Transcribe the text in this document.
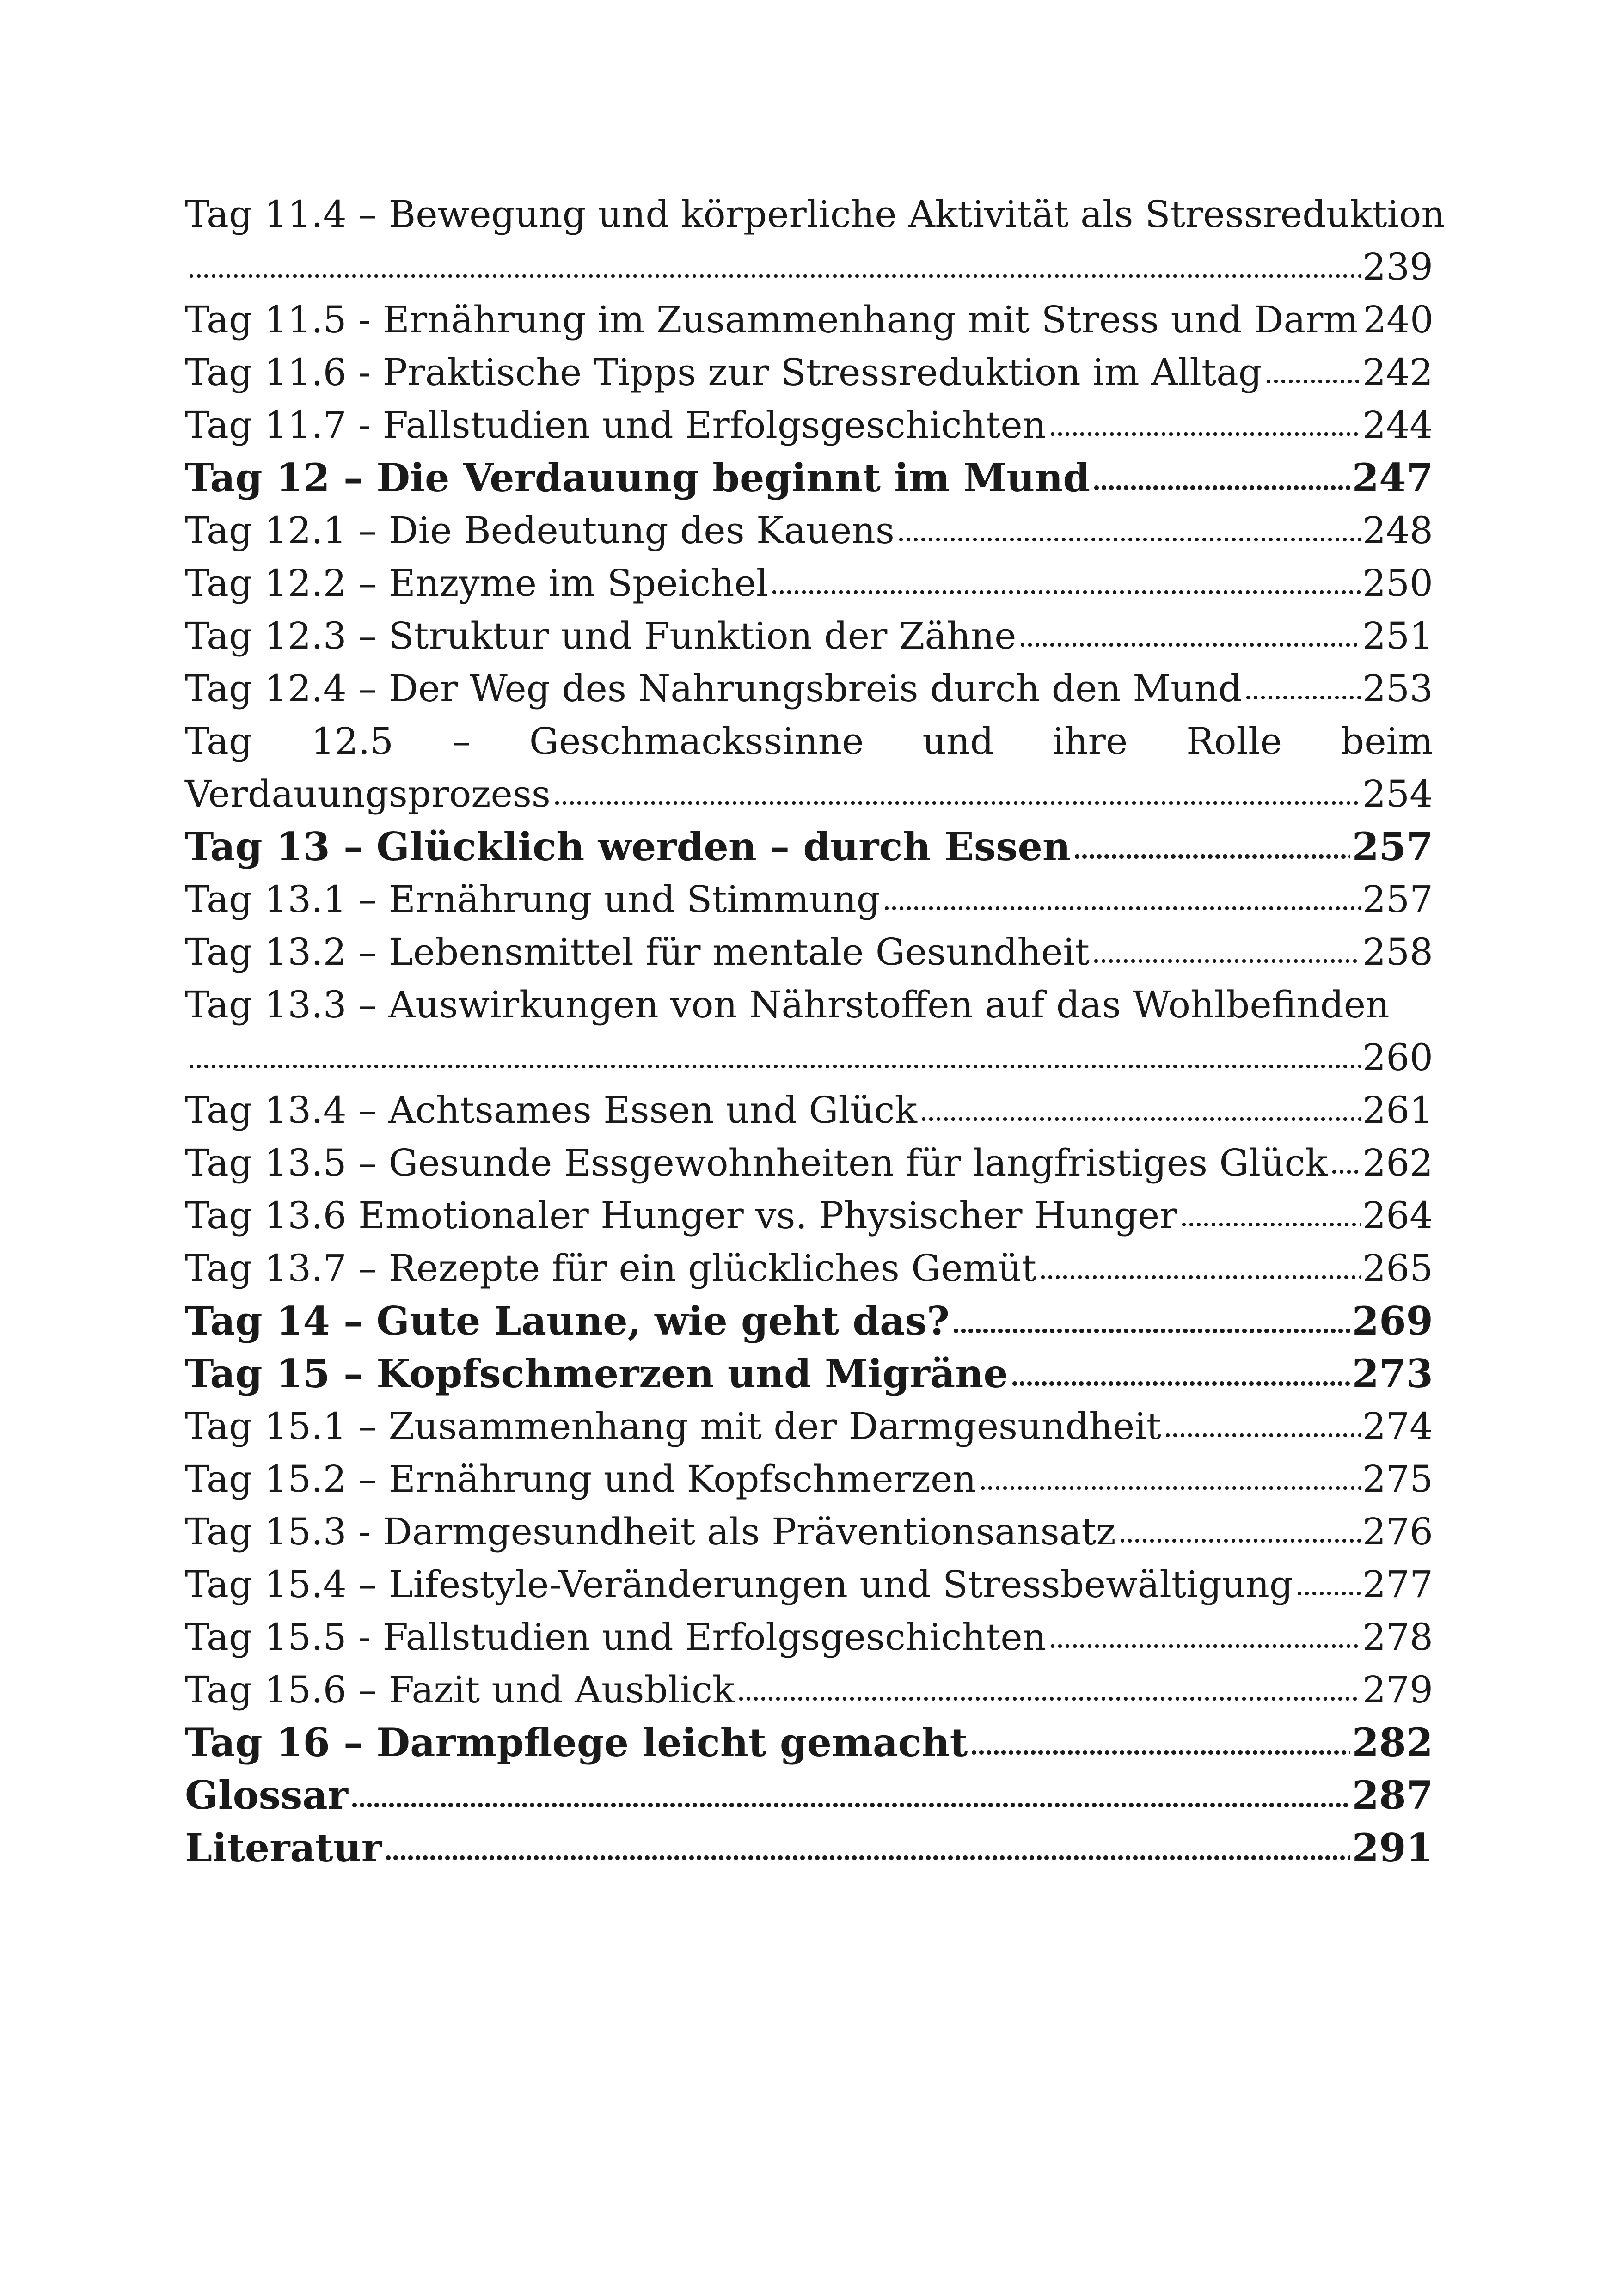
Tag 11.4 – Bewegung und körperliche Aktivität als Stressreduktion
239
Tag 11.5 - Ernährung im Zusammenhang mit Stress und Darm 240
Tag 11.6 - Praktische Tipps zur Stressreduktion im Alltag	242
Tag 11.7 - Fallstudien und Erfolgsgeschichten	244
Tag 12 – Die Verdauung beginnt im Mund	247
Tag 12.1 – Die Bedeutung des Kauens	248
Tag 12.2 – Enzyme im Speichel	250
Tag 12.3 – Struktur und Funktion der Zähne	251
Tag 12.4 – Der Weg des Nahrungsbreis durch den Mund	253
Tag 12.5 – Geschmackssinne und ihre Rolle beim
Verdauungsprozess	254
Tag 13 – Glücklich werden – durch Essen	257
Tag 13.1 – Ernährung und Stimmung	257
Tag 13.2 – Lebensmittel für mentale Gesundheit	258
Tag 13.3 – Auswirkungen von Nährstoffen auf das Wohlbefinden
260
Tag 13.4 – Achtsames Essen und Glück	261
Tag 13.5 – Gesunde Essgewohnheiten für langfristiges Glück 262
Tag 13.6 Emotionaler Hunger vs. Physischer Hunger	264
Tag 13.7 – Rezepte für ein glückliches Gemüt	265
Tag 14 – Gute Laune, wie geht das?	269
Tag 15 – Kopfschmerzen und Migräne	273
Tag 15.1 – Zusammenhang mit der Darmgesundheit	274
Tag 15.2 – Ernährung und Kopfschmerzen	275
Tag 15.3 - Darmgesundheit als Präventionsansatz	276
Tag 15.4 – Lifestyle-Veränderungen und Stressbewältigung 277
Tag 15.5 - Fallstudien und Erfolgsgeschichten	278
Tag 15.6 – Fazit und Ausblick	279
Tag 16 – Darmpflege leicht gemacht	282
Glossar	287
Literatur	291
